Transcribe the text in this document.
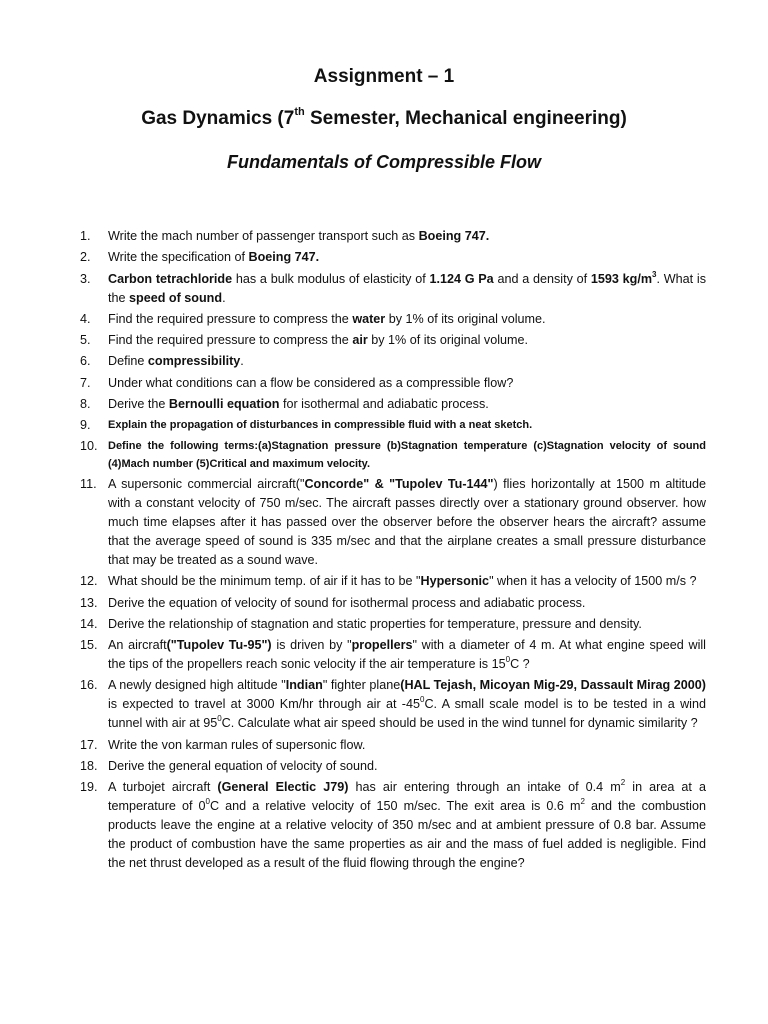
Assignment – 1
Gas Dynamics (7th Semester, Mechanical engineering)
Fundamentals of Compressible Flow
1.	Write the mach number of passenger transport such as Boeing 747.
2.	Write the specification of Boeing 747.
3.	Carbon tetrachloride has a bulk modulus of elasticity of 1.124 G Pa and a density of 1593 $kg/m^3$. What is the speed of sound.
4.	Find the required pressure to compress the water by 1% of its original volume.
5.	Find the required pressure to compress the air by 1% of its original volume.
6.	Define compressibility.
7.	Under what conditions can a flow be considered as a compressible flow?
8.	Derive the Bernoulli equation for isothermal and adiabatic process.
9.	Explain the propagation of disturbances in compressible fluid with a neat sketch.
10. Define the following terms:(a)Stagnation pressure (b)Stagnation temperature (c)Stagnation velocity of sound (4)Mach number (5)Critical and maximum velocity.
11. A supersonic commercial aircraft("Concorde" & "Tupolev Tu-144") flies horizontally at 1500 m altitude with a constant velocity of 750 m/sec. The aircraft passes directly over a stationary ground observer. how much time elapses after it has passed over the observer before the observer hears the aircraft? assume that the average speed of sound is 335 m/sec and that the airplane creates a small pressure disturbance that may be treated as a sound wave.
12. What should be the minimum temp. of air if it has to be "Hypersonic" when it has a velocity of 1500 m/s ?
13. Derive the equation of velocity of sound for isothermal process and adiabatic process.
14. Derive the relationship of stagnation and static properties for temperature, pressure and density.
15. An aircraft("Tupolev Tu-95") is driven by "propellers" with a diameter of 4 m. At what engine speed will the tips of the propellers reach sonic velocity if the air temperature is $15^0C$ ?
16. A newly designed high altitude "Indian" fighter plane(HAL Tejash, Micoyan Mig-29, Dassault Mirag 2000) is expected to travel at 3000 Km/hr through air at $-45^0C$. A small scale model is to be tested in a wind tunnel with air at $95^0C$. Calculate what air speed should be used in the wind tunnel for dynamic similarity ?
17. Write the von karman rules of supersonic flow.
18. Derive the general equation of velocity of sound.
19. A turbojet aircraft (General Electic J79) has air entering through an intake of 0.4 $m^2$ in area at a temperature of $0^0C$ and a relative velocity of 150 m/sec. The exit area is 0.6 $m^2$ and the combustion products leave the engine at a relative velocity of 350 m/sec and at ambient pressure of 0.8 bar. Assume the product of combustion have the same properties as air and the mass of fuel added is negligible. Find the net thrust developed as a result of the fluid flowing through the engine?
